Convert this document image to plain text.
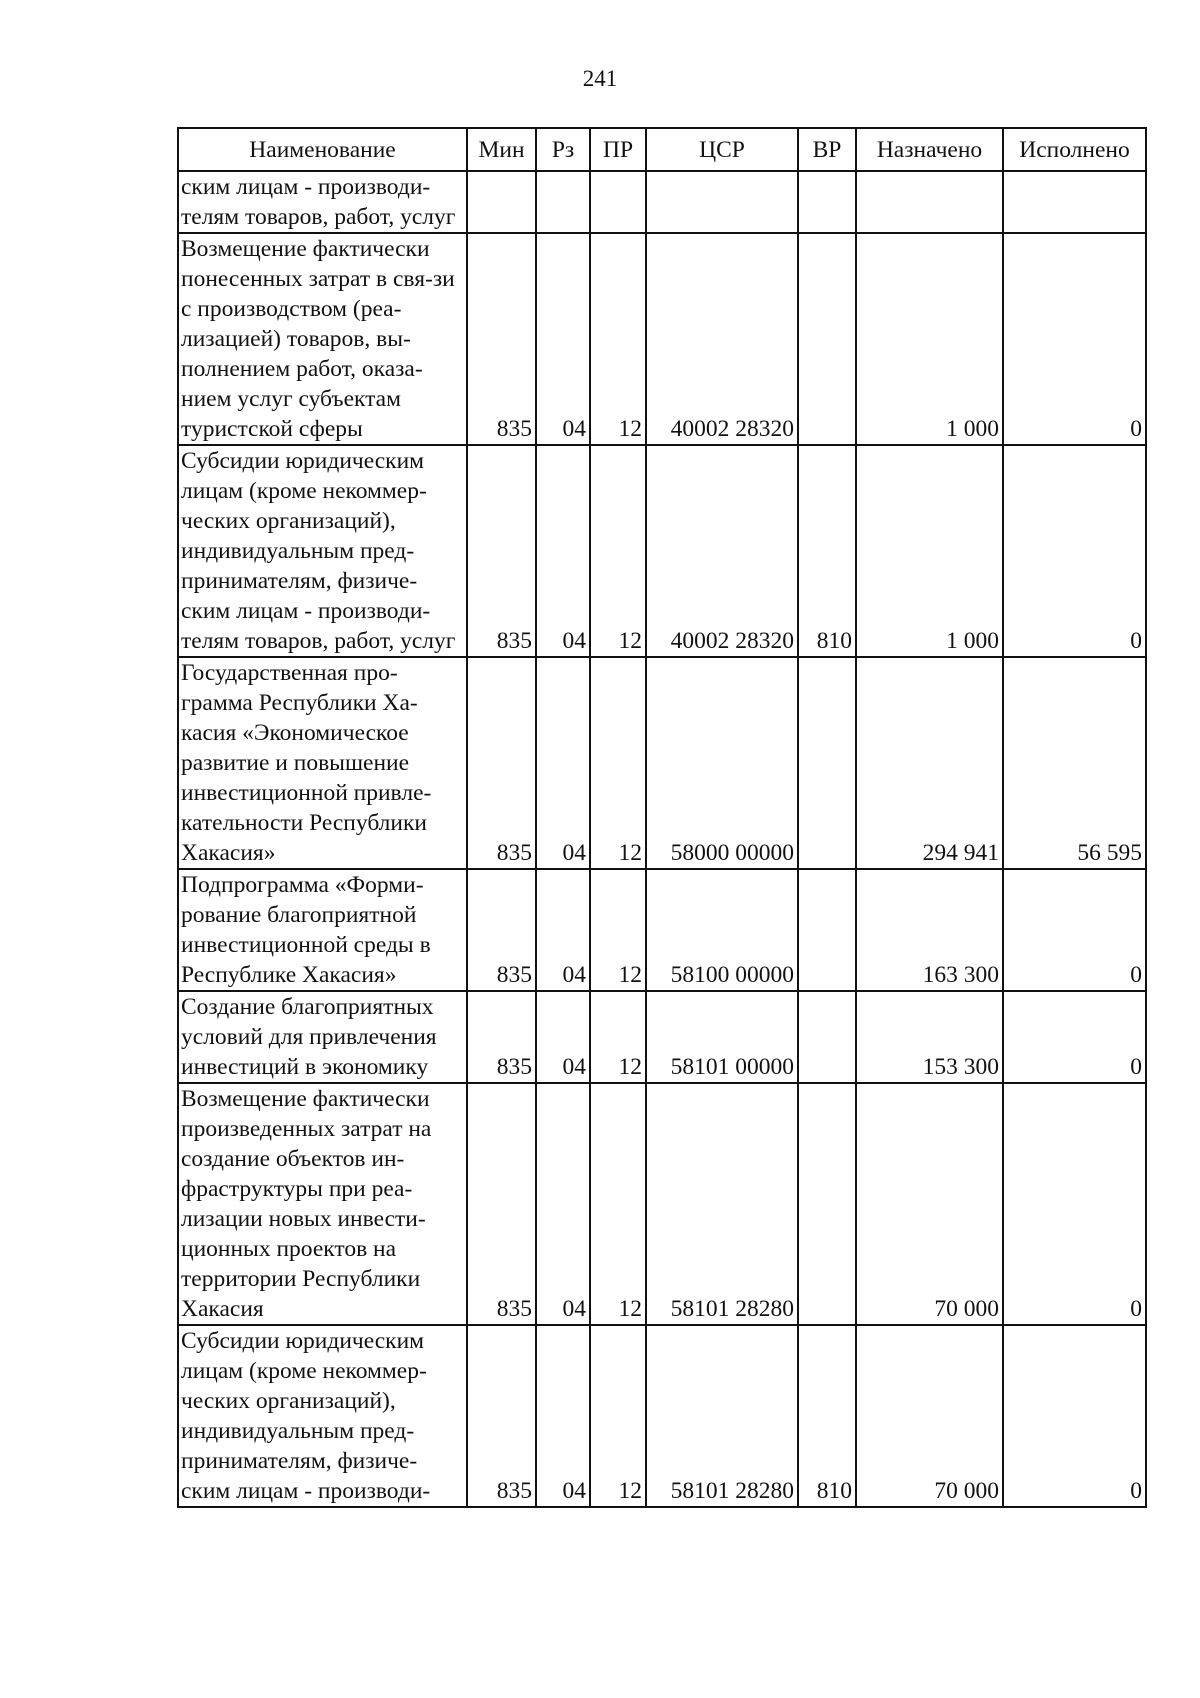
241
Наименование	Мин	Рз	ПР	ЦСР	ВР	Назначено	Исполнено
ским лицам - производи-телям товаров, работ, услуг							
Возмещение фактически понесенных затрат в свя-зи с производством (реа-лизацией) товаров, вы-полнением работ, оказа-нием услуг субъектам туристской сферы	835	04	12	40002 28320		1 000	0
Субсидии юридическим лицам (кроме некоммер-ческих организаций), индивидуальным пред-принимателям, физиче-ским лицам - производи-телям товаров, работ, услуг	835	04	12	40002 28320	810	1 000	0
Государственная про-грамма Республики Ха-касия «Экономическое развитие и повышение инвестиционной привле-кательности Республики Хакасия»	835	04	12	58000 00000		294 941	56 595
Подпрограмма «Форми-рование благоприятной инвестиционной среды в Республике Хакасия»	835	04	12	58100 00000		163 300	0
Создание благоприятных условий для привлечения инвестиций в экономику	835	04	12	58101 00000		153 300	0
Возмещение фактически произведенных затрат на создание объектов ин-фраструктуры при реа-лизации новых инвести-ционных проектов на территории Республики Хакасия	835	04	12	58101 28280		70 000	0
Субсидии юридическим лицам (кроме некоммер-ческих организаций), индивидуальным пред-принимателям, физиче-ским лицам - производи-	835	04	12	58101 28280	810	70 000	0
